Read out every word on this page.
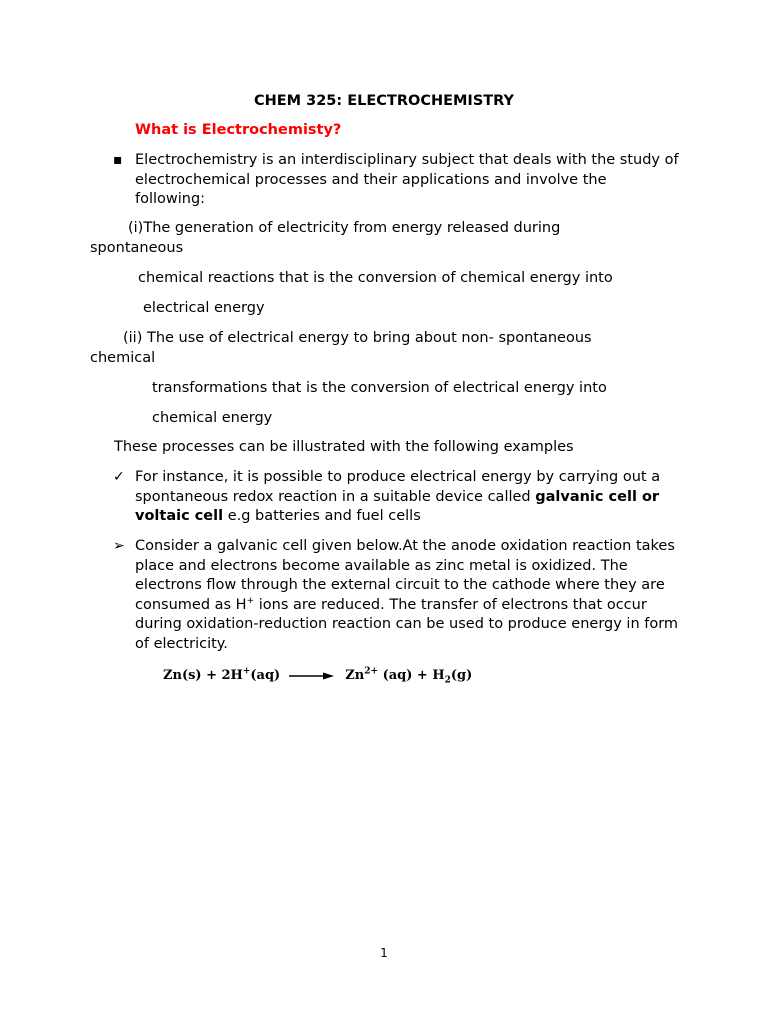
CHEM 325: ELECTROCHEMISTRY
What is Electrochemisty?
▪ Electrochemistry is an interdisciplinary subject that deals with the study of electrochemical processes and their applications and involve the following:

(i)The generation of electricity from energy released during

spontaneous

chemical reactions that is the conversion of chemical energy into

electrical energy

(ii) The use of electrical energy to bring about non- spontaneous

chemical

transformations that is the conversion of electrical energy into

chemical energy

These processes can be illustrated with the following examples

✓ For instance, it is possible to produce electrical energy by carrying out a spontaneous redox reaction in a suitable device called galvanic cell or voltaic cell e.g batteries and fuel cells

➢ Consider a galvanic cell given below.At the anode oxidation reaction takes place and electrons become available as zinc metal is oxidized. The electrons flow through the external circuit to the cathode where they are consumed as H+ ions are reduced. The transfer of electrons that occur during oxidation-reduction reaction can be used to produce energy in form of electricity.

$Zn(s) + 2H^+(aq) \to Zn^{2+}$ $(aq) + H_2(g)$

1
